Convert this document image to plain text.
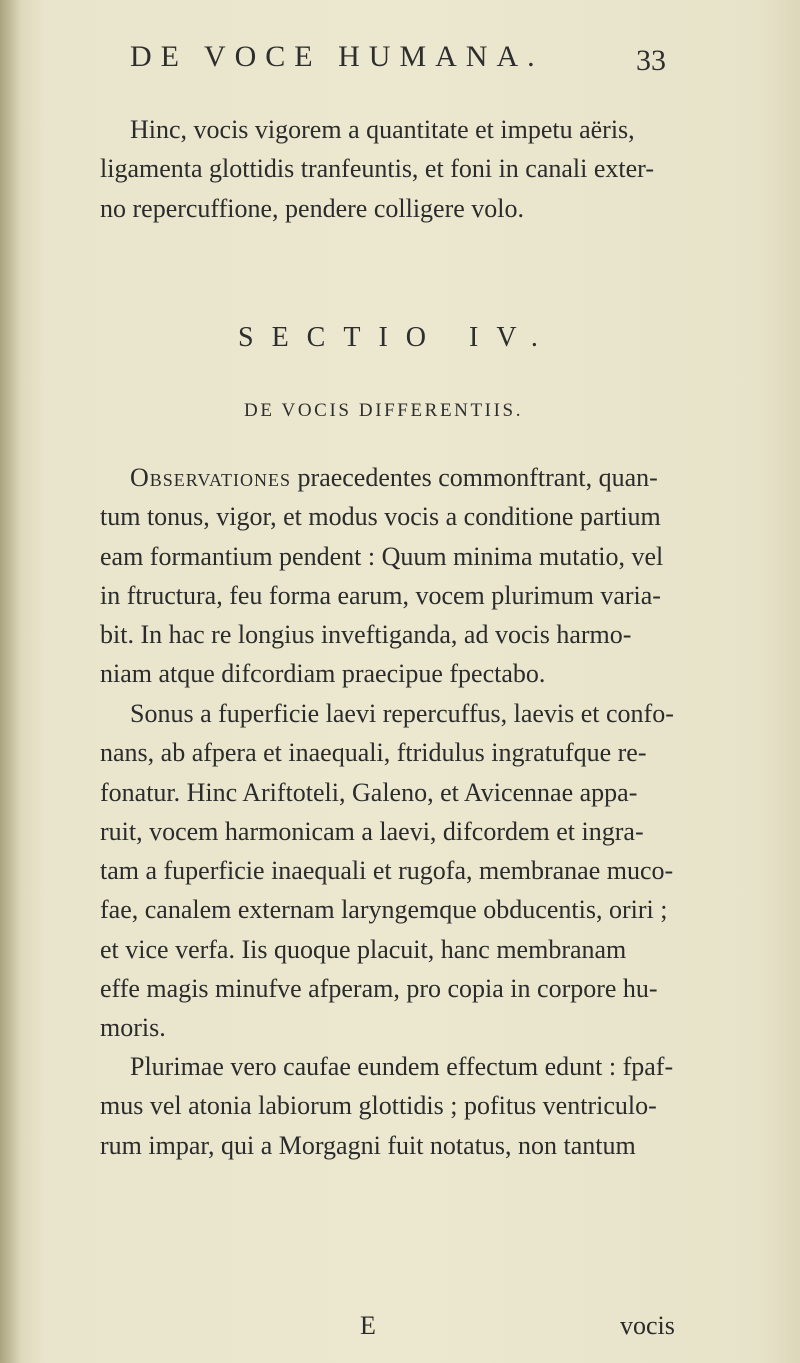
DE VOCE HUMANA.	33
Hinc, vocis vigorem a quantitate et impetu aëris,
ligamenta glottidis tranfeuntis, et foni in canali exter-
no repercuffione, pendere colligere volo.
SECTIO IV.
DE VOCIS DIFFERENTIIS.
Observationes praecedentes commonftrant, quan-
tum tonus, vigor, et modus vocis a conditione partium
eam formantium pendent : Quum minima mutatio, vel
in ftructura, feu forma earum, vocem plurimum varia-
bit. In hac re longius inveftiganda, ad vocis harmo-
niam atque difcordiam praecipue fpectabo.
Sonus a fuperficie laevi repercuffus, laevis et confo-
nans, ab afpera et inaequali, ftridulus ingratufque re-
fonatur. Hinc Ariftoteli, Galeno, et Avicennae appa-
ruit, vocem harmonicam a laevi, difcordem et ingra-
tam a fuperficie inaequali et rugofa, membranae muco-
fae, canalem externam laryngemque obducentis, oriri ;
et vice verfa. Iis quoque placuit, hanc membranam
effe magis minufve afperam, pro copia in corpore hu-
moris.
Plurimae vero caufae eundem effectum edunt : fpaf-
mus vel atonia labiorum glottidis ; pofitus ventriculo-
rum impar, qui a Morgagni fuit notatus, non tantum
E	vocis
